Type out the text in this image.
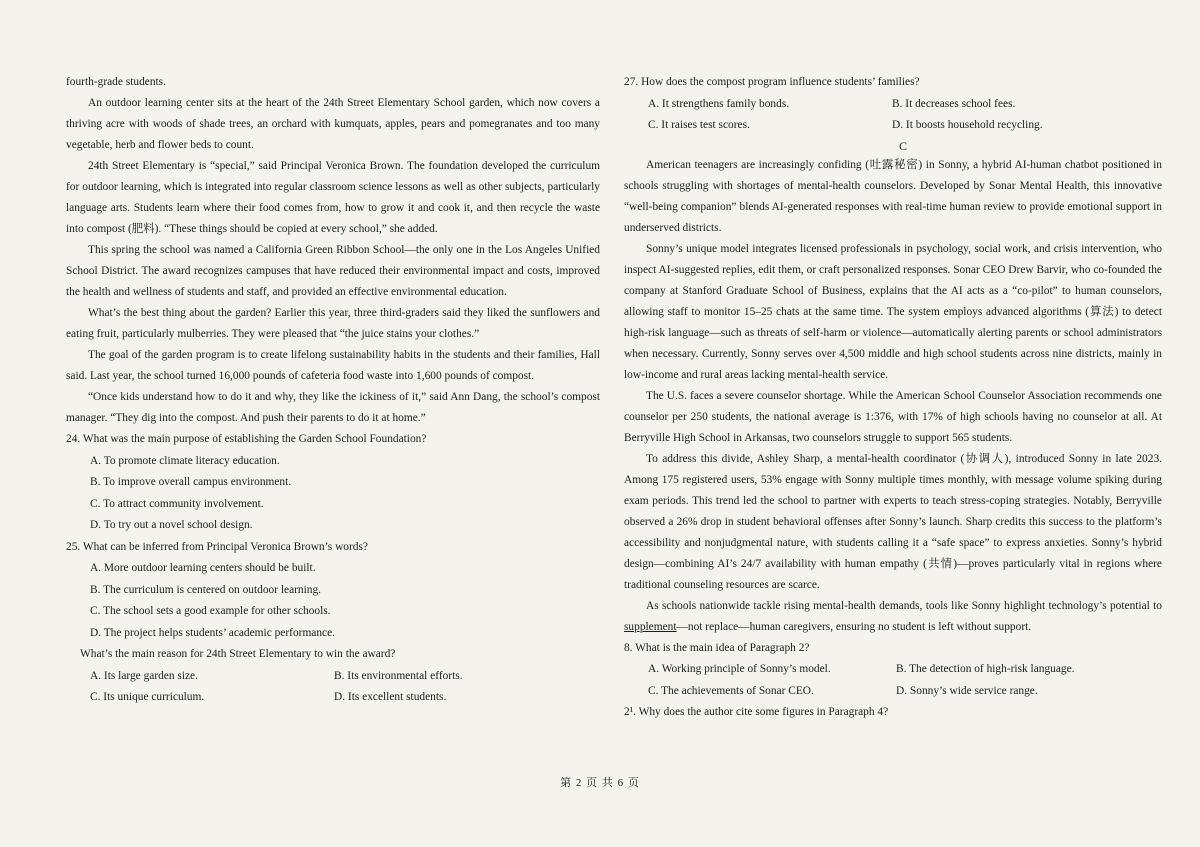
fourth-grade students.

An outdoor learning center sits at the heart of the 24th Street Elementary School garden, which now covers a thriving acre with woods of shade trees, an orchard with kumquats, apples, pears and pomegranates and too many vegetable, herb and flower beds to count.

24th Street Elementary is “special,” said Principal Veronica Brown. The foundation developed the curriculum for outdoor learning, which is integrated into regular classroom science lessons as well as other subjects, particularly language arts. Students learn where their food comes from, how to grow it and cook it, and then recycle the waste into compost (肥料). “These things should be copied at every school,” she added.

This spring the school was named a California Green Ribbon School—the only one in the Los Angeles Unified School District. The award recognizes campuses that have reduced their environmental impact and costs, improved the health and wellness of students and staff, and provided an effective environmental education.

What’s the best thing about the garden? Earlier this year, three third-graders said they liked the sunflowers and eating fruit, particularly mulberries. They were pleased that “the juice stains your clothes.”

The goal of the garden program is to create lifelong sustainability habits in the students and their families, Hall said. Last year, the school turned 16,000 pounds of cafeteria food waste into 1,600 pounds of compost.

“Once kids understand how to do it and why, they like the ickiness of it,” said Ann Dang, the school’s compost manager. “They dig into the compost. And push their parents to do it at home.”

24. What was the main purpose of establishing the Garden School Foundation?

A. To promote climate literacy education.

B. To improve overall campus environment.

C. To attract community involvement.

D. To try out a novel school design.

25. What can be inferred from Principal Veronica Brown’s words?

A. More outdoor learning centers should be built.

B. The curriculum is centered on outdoor learning.

C. The school sets a good example for other schools.

D. The project helps students’ academic performance.

What’s the main reason for 24th Street Elementary to win the award?

A. Its large garden size.	B. Its environmental efforts.
C. Its unique curriculum.	D. Its excellent students.

27. How does the compost program influence students’ families?

A. It strengthens family bonds.	B. It decreases school fees.
C. It raises test scores.	D. It boosts household recycling.

C

American teenagers are increasingly confiding (吐露秘密) in Sonny, a hybrid AI-human chatbot positioned in schools struggling with shortages of mental-health counselors. Developed by Sonar Mental Health, this innovative “well-being companion” blends AI-generated responses with real-time human review to provide emotional support in underserved districts.

Sonny’s unique model integrates licensed professionals in psychology, social work, and crisis intervention, who inspect AI-suggested replies, edit them, or craft personalized responses. Sonar CEO Drew Barvir, who co-founded the company at Stanford Graduate School of Business, explains that the AI acts as a “co-pilot” to human counselors, allowing staff to monitor 15–25 chats at the same time. The system employs advanced algorithms (算法) to detect high-risk language—such as threats of self-harm or violence—automatically alerting parents or school administrators when necessary. Currently, Sonny serves over 4,500 middle and high school students across nine districts, mainly in low-income and rural areas lacking mental-health service.

The U.S. faces a severe counselor shortage. While the American School Counselor Association recommends one counselor per 250 students, the national average is 1:376, with 17% of high schools having no counselor at all. At Berryville High School in Arkansas, two counselors struggle to support 565 students.

To address this divide, Ashley Sharp, a mental-health coordinator (协调人), introduced Sonny in late 2023. Among 175 registered users, 53% engage with Sonny multiple times monthly, with message volume spiking during exam periods. This trend led the school to partner with experts to teach stress-coping strategies. Notably, Berryville observed a 26% drop in student behavioral offenses after Sonny’s launch. Sharp credits this success to the platform’s accessibility and nonjudgmental nature, with students calling it a “safe space” to express anxieties. Sonny’s hybrid design—combining AI’s 24/7 availability with human empathy (共情)—proves particularly vital in regions where traditional counseling resources are scarce.

As schools nationwide tackle rising mental-health demands, tools like Sonny highlight technology’s potential to supplement—not replace—human caregivers, ensuring no student is left without support.

8. What is the main idea of Paragraph 2?

A. Working principle of Sonny’s model.	B. The detection of high-risk language.
C. The achievements of Sonar CEO.	D. Sonny’s wide service range.

2¹. Why does the author cite some figures in Paragraph 4?

第 2 页 共 6 页
